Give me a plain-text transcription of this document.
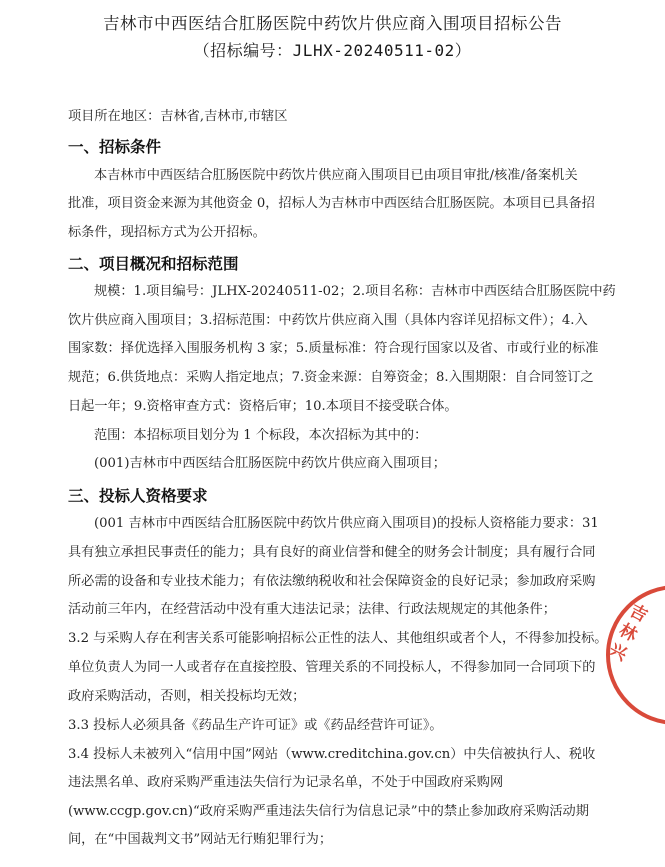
吉林市中西医结合肛肠医院中药饮片供应商入围项目招标公告
（招标编号：JLHX-20240511-02）
项目所在地区：吉林省,吉林市,市辖区
一、招标条件
本吉林市中西医结合肛肠医院中药饮片供应商入围项目已由项目审批/核准/备案机关
批准，项目资金来源为其他资金 0，招标人为吉林市中西医结合肛肠医院。本项目已具备招
标条件，现招标方式为公开招标。
二、项目概况和招标范围
规模：1.项目编号：JLHX-20240511-02；2.项目名称：吉林市中西医结合肛肠医院中药
饮片供应商入围项目；3.招标范围：中药饮片供应商入围（具体内容详见招标文件）；4.入
围家数：择优选择入围服务机构 3 家；5.质量标准：符合现行国家以及省、市或行业的标准
规范；6.供货地点：采购人指定地点；7.资金来源：自筹资金；8.入围期限：自合同签订之
日起一年；9.资格审查方式：资格后审；10.本项目不接受联合体。
范围：本招标项目划分为 1 个标段，本次招标为其中的：
(001)吉林市中西医结合肛肠医院中药饮片供应商入围项目；
三、投标人资格要求
(001 吉林市中西医结合肛肠医院中药饮片供应商入围项目)的投标人资格能力要求：31
具有独立承担民事责任的能力；具有良好的商业信誉和健全的财务会计制度；具有履行合同
所必需的设备和专业技术能力；有依法缴纳税收和社会保障资金的良好记录；参加政府采购
活动前三年内，在经营活动中没有重大违法记录；法律、行政法规规定的其他条件；
3.2 与采购人存在利害关系可能影响招标公正性的法人、其他组织或者个人，不得参加投标。
单位负责人为同一人或者存在直接控股、管理关系的不同投标人，不得参加同一合同项下的
政府采购活动，否则，相关投标均无效；
3.3 投标人必须具备《药品生产许可证》或《药品经营许可证》。
3.4 投标人未被列入“信用中国”网站（www.creditchina.gov.cn）中失信被执行人、税收
违法黑名单、政府采购严重违法失信行为记录名单，不处于中国政府采购网
(www.ccgp.gov.cn)“政府采购严重违法失信行为信息记录”中的禁止参加政府采购活动期
间，在“中国裁判文书”网站无行贿犯罪行为；
吉林兴
